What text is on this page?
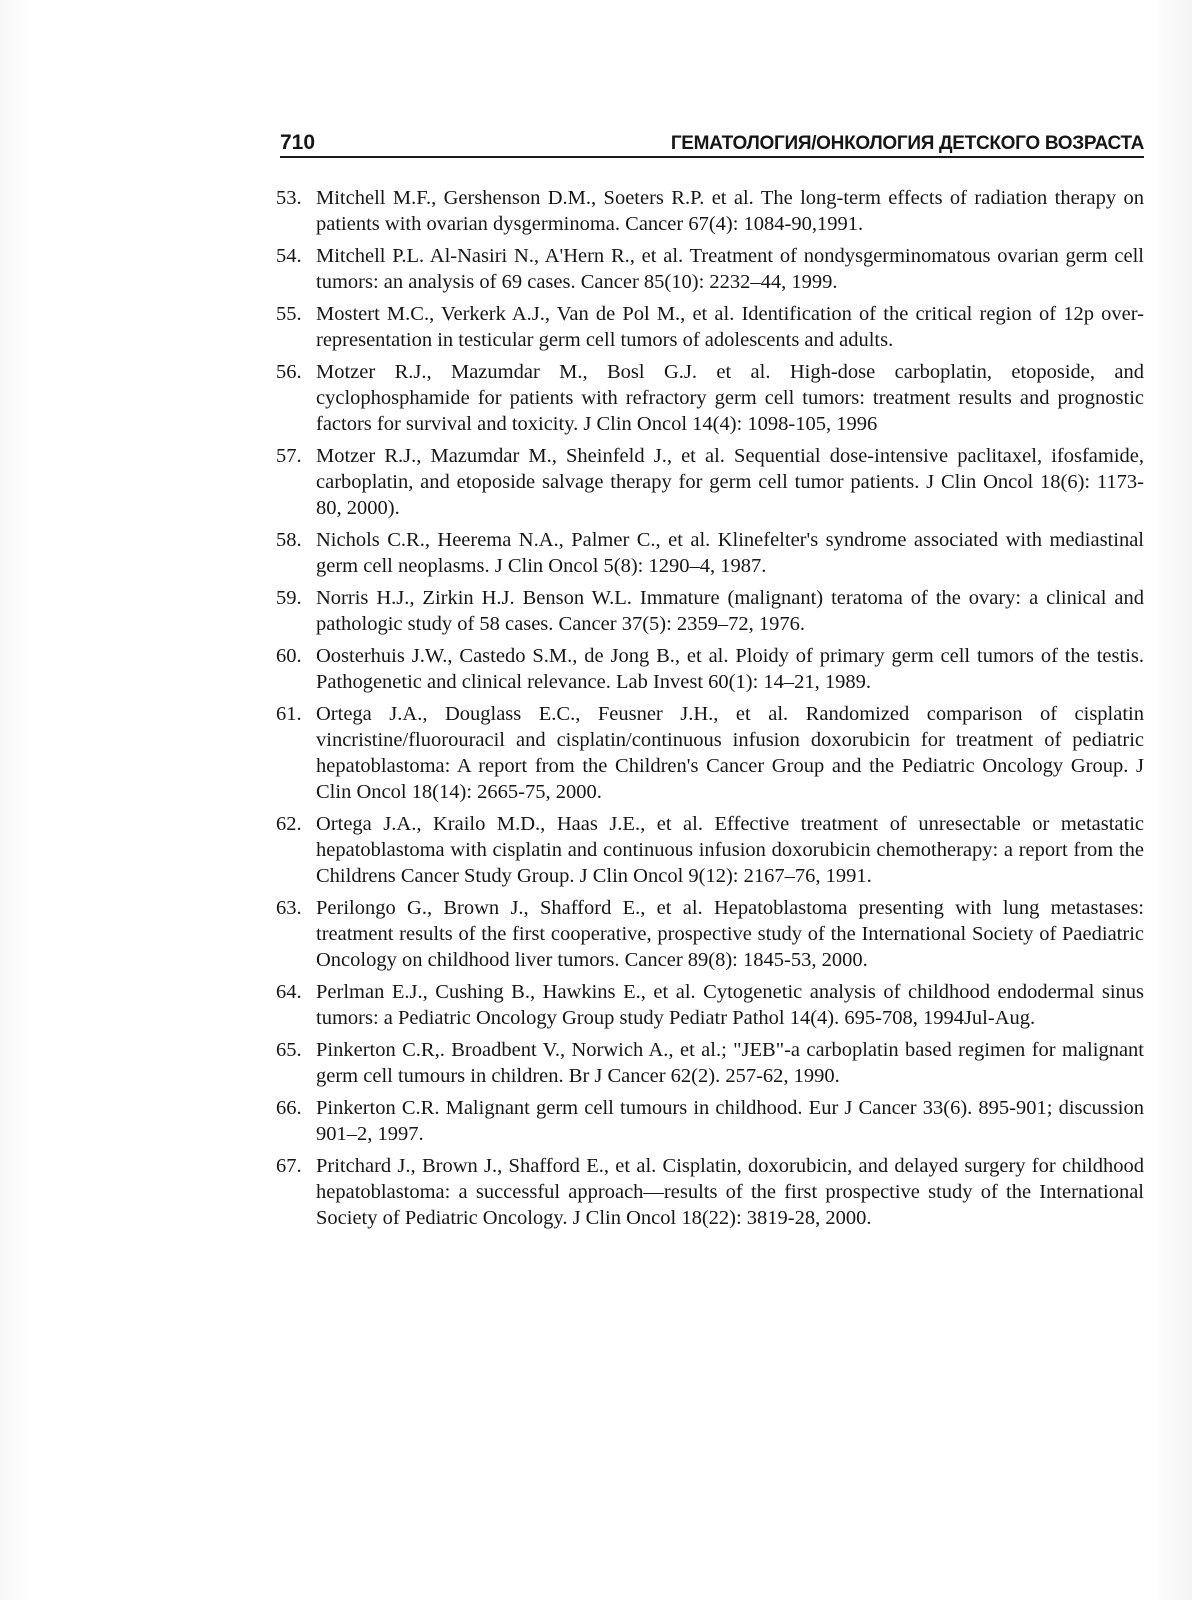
710	ГЕМАТОЛОГИЯ/ОНКОЛОГИЯ ДЕТСКОГО ВОЗРАСТА
53. Mitchell M.F., Gershenson D.M., Soeters R.P. et al. The long-term effects of radiation therapy on patients with ovarian dysgerminoma. Cancer 67(4): 1084-90,1991.
54. Mitchell P.L. Al-Nasiri N., A'Hern R., et al. Treatment of nondysgerminomatous ovarian germ cell tumors: an analysis of 69 cases. Cancer 85(10): 2232–44, 1999.
55. Mostert M.C., Verkerk A.J., Van de Pol M., et al. Identification of the critical region of 12p over-representation in testicular germ cell tumors of adolescents and adults.
56. Motzer R.J., Mazumdar M., Bosl G.J. et al. High-dose carboplatin, etoposide, and cyclophosphamide for patients with refractory germ cell tumors: treatment results and prognostic factors for survival and toxicity. J Clin Oncol 14(4): 1098-105, 1996
57. Motzer R.J., Mazumdar M., Sheinfeld J., et al. Sequential dose-intensive paclitaxel, ifosfamide, carboplatin, and etoposide salvage therapy for germ cell tumor patients. J Clin Oncol 18(6): 1173-80, 2000).
58. Nichols C.R., Heerema N.A., Palmer C., et al. Klinefelter's syndrome associated with mediastinal germ cell neoplasms. J Clin Oncol 5(8): 1290–4, 1987.
59. Norris H.J., Zirkin H.J. Benson W.L. Immature (malignant) teratoma of the ovary: a clinical and pathologic study of 58 cases. Cancer 37(5): 2359–72, 1976.
60. Oosterhuis J.W., Castedo S.M., de Jong B., et al. Ploidy of primary germ cell tumors of the testis. Pathogenetic and clinical relevance. Lab Invest 60(1): 14–21, 1989.
61. Ortega J.A., Douglass E.C., Feusner J.H., et al. Randomized comparison of cisplatin vincristine/fluorouracil and cisplatin/continuous infusion doxorubicin for treatment of pediatric hepatoblastoma: A report from the Children's Cancer Group and the Pediatric Oncology Group. J Clin Oncol 18(14): 2665-75, 2000.
62. Ortega J.A., Krailo M.D., Haas J.E., et al. Effective treatment of unresectable or metastatic hepatoblastoma with cisplatin and continuous infusion doxorubicin chemotherapy: a report from the Childrens Cancer Study Group. J Clin Oncol 9(12): 2167–76, 1991.
63. Perilongo G., Brown J., Shafford E., et al. Hepatoblastoma presenting with lung metastases: treatment results of the first cooperative, prospective study of the International Society of Paediatric Oncology on childhood liver tumors. Cancer 89(8): 1845-53, 2000.
64. Perlman E.J., Cushing B., Hawkins E., et al. Cytogenetic analysis of childhood endodermal sinus tumors: a Pediatric Oncology Group study Pediatr Pathol 14(4). 695-708, 1994Jul-Aug.
65. Pinkerton C.R,. Broadbent V., Norwich A., et al.; "JEB"-a carboplatin based regimen for malignant germ cell tumours in children. Br J Cancer 62(2). 257-62, 1990.
66. Pinkerton C.R. Malignant germ cell tumours in childhood. Eur J Cancer 33(6). 895-901; discussion 901–2, 1997.
67. Pritchard J., Brown J., Shafford E., et al. Cisplatin, doxorubicin, and delayed surgery for childhood hepatoblastoma: a successful approach—results of the first prospective study of the International Society of Pediatric Oncology. J Clin Oncol 18(22): 3819-28, 2000.
